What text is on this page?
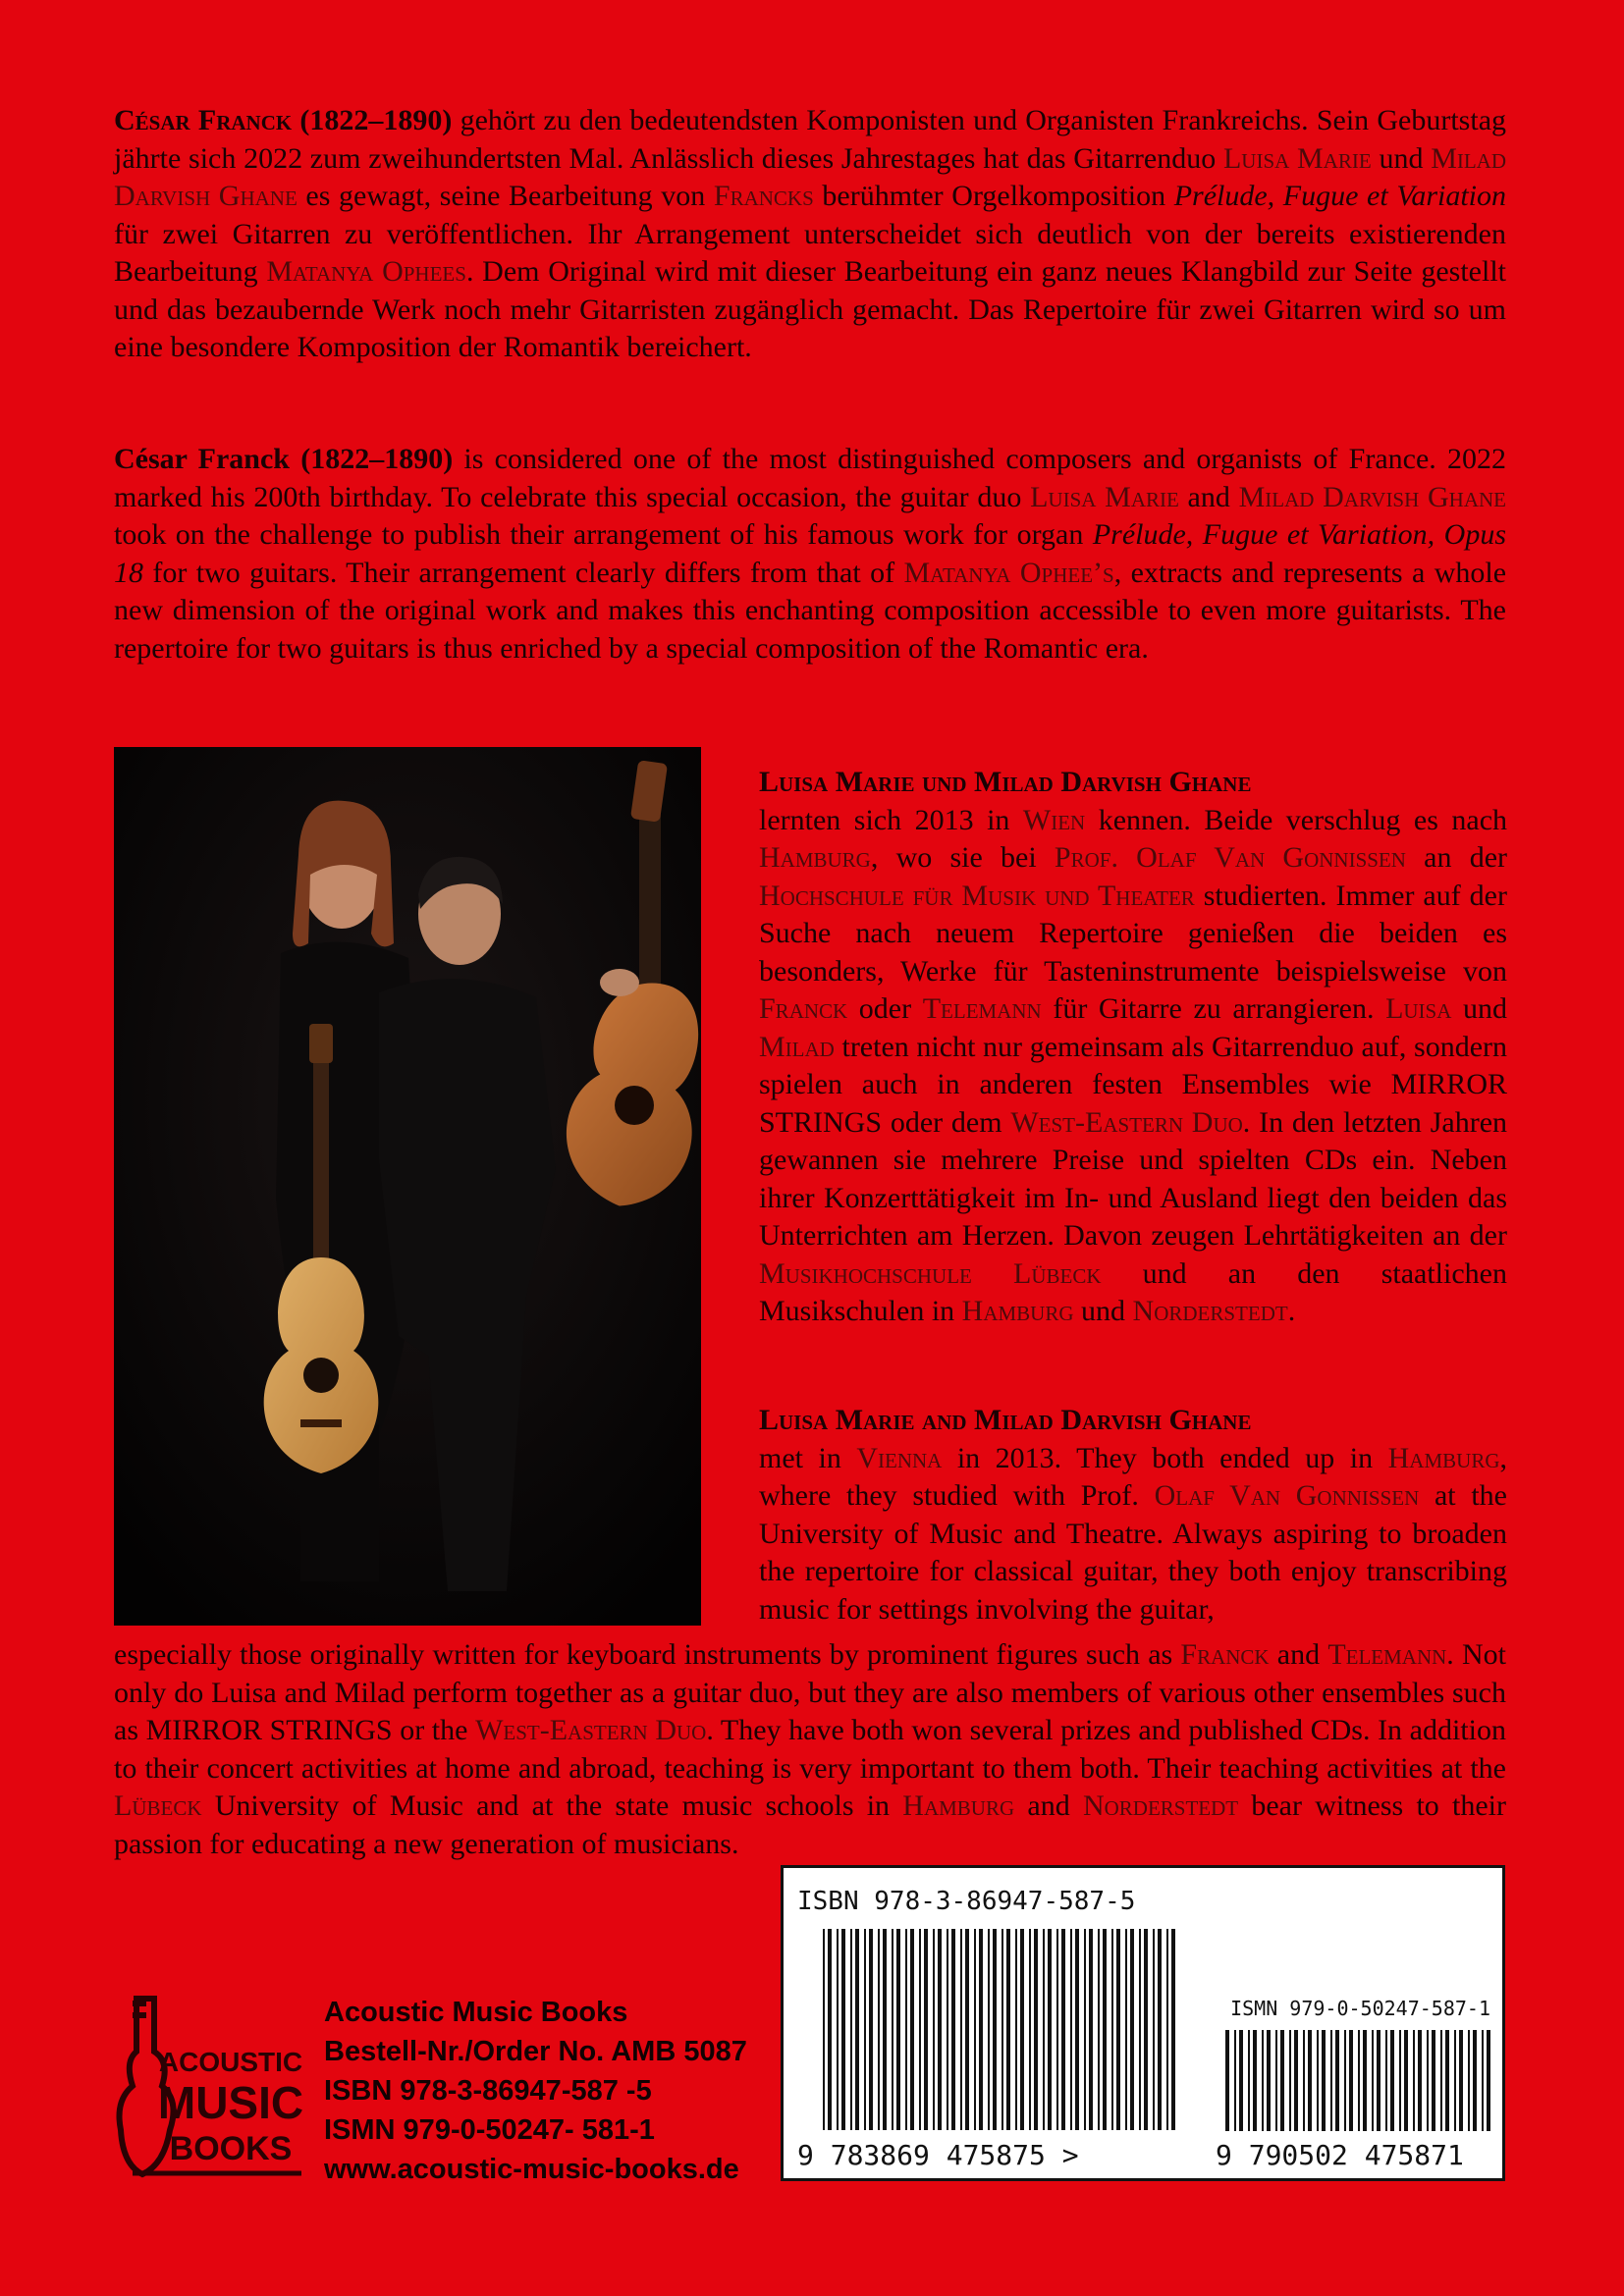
César Franck (1822–1890) gehört zu den bedeutendsten Komponisten und Organisten Frankreichs. Sein Geburtstag jährte sich 2022 zum zweihundertsten Mal. Anlässlich dieses Jahrestages hat das Gitarrenduo Luisa Marie und Milad Darvish Ghane es gewagt, seine Bearbeitung von Francks berühmter Orgelkomposition Prélude, Fugue et Variation für zwei Gitarren zu veröffentlichen. Ihr Arrangement unterscheidet sich deutlich von der bereits existierenden Bearbeitung Matanya Ophees. Dem Original wird mit dieser Bearbeitung ein ganz neues Klangbild zur Seite gestellt und das bezaubernde Werk noch mehr Gitarristen zugänglich gemacht. Das Repertoire für zwei Gitarren wird so um eine besondere Komposition der Romantik bereichert.

César Franck (1822–1890) is considered one of the most distinguished composers and organists of France. 2022 marked his 200th birthday. To celebrate this special occasion, the guitar duo Luisa Marie and Milad Darvish Ghane took on the challenge to publish their arrangement of his famous work for organ Prélude, Fugue et Variation, Opus 18 for two guitars. Their arrangement clearly differs from that of Matanya Ophee’s, extracts and represents a whole new dimension of the original work and makes this enchanting composition accessible to even more guitarists. The repertoire for two guitars is thus enriched by a special composition of the Romantic era.

Luisa Marie und Milad Darvish Ghane
lernten sich 2013 in Wien kennen. Beide verschlug es nach Hamburg, wo sie bei Prof. Olaf Van Gonnissen an der Hochschule für Musik und Theater studierten. Immer auf der Suche nach neuem Repertoire genießen die beiden es besonders, Werke für Tasteninstrumente beispielsweise von Franck oder Telemann für Gitarre zu arrangieren. Luisa und Milad treten nicht nur gemeinsam als Gitarrenduo auf, sondern spielen auch in anderen festen Ensembles wie MIRROR STRINGS oder dem West-Eastern Duo. In den letzten Jahren gewannen sie mehrere Preise und spielten CDs ein. Neben ihrer Konzerttätigkeit im In- und Ausland liegt den beiden das Unterrichten am Herzen. Davon zeugen Lehrtätigkeiten an der Musikhochschule Lübeck und an den staatlichen Musikschulen in Hamburg und Norderstedt.

Luisa Marie and Milad Darvish Ghane
met in Vienna in 2013. They both ended up in Hamburg, where they studied with Prof. Olaf Van Gonnissen at the University of Music and Theatre. Always aspiring to broaden the repertoire for classical guitar, they both enjoy transcribing music for settings involving the guitar,

especially those originally written for keyboard instruments by prominent figures such as Franck and Telemann. Not only do Luisa and Milad perform together as a guitar duo, but they are also members of various other ensembles such as MIRROR STRINGS or the West-Eastern Duo. They have both won several prizes and published CDs. In addition to their concert activities at home and abroad, teaching is very important to them both. Their teaching activities at the Lübeck University of Music and at the state music schools in Hamburg and Norderstedt bear witness to their passion for educating a new generation of musicians.

ACOUSTIC
MUSIC
BOOKS
Acoustic Music Books
Bestell-Nr./Order No. AMB 5087
ISBN 978-3-86947-587 -5
ISMN 979-0-50247- 581-1
www.acoustic-music-books.de
ISBN 978-3-86947-587-5
9 783869 475875 >
ISMN 979-0-50247-587-1
9 790502 475871
